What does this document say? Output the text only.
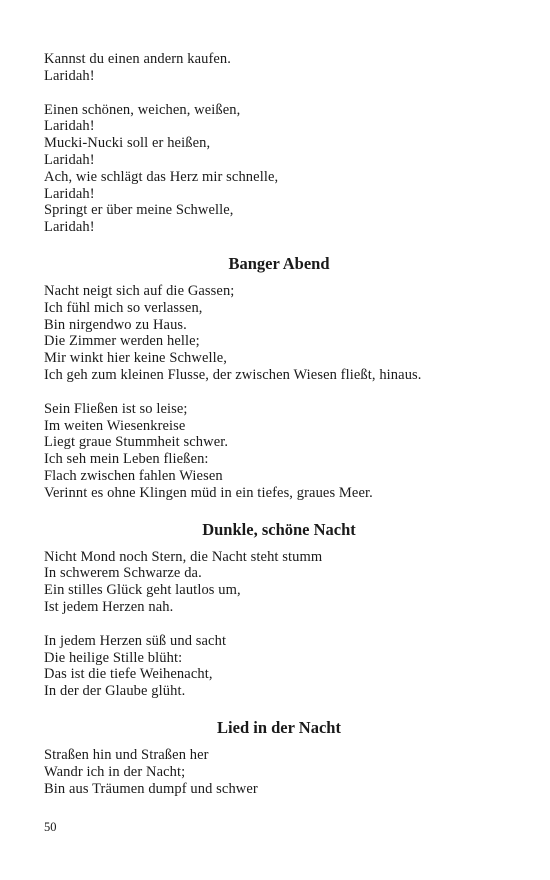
Kannst du einen andern kaufen.
Laridah!
Einen schönen, weichen, weißen,
Laridah!
Mucki-Nucki soll er heißen,
Laridah!
Ach, wie schlägt das Herz mir schnelle,
Laridah!
Springt er über meine Schwelle,
Laridah!
Banger Abend
Nacht neigt sich auf die Gassen;
Ich fühl mich so verlassen,
Bin nirgendwo zu Haus.
Die Zimmer werden helle;
Mir winkt hier keine Schwelle,
Ich geh zum kleinen Flusse, der zwischen Wiesen fließt, hinaus.
Sein Fließen ist so leise;
Im weiten Wiesenkreise
Liegt graue Stummheit schwer.
Ich seh mein Leben fließen:
Flach zwischen fahlen Wiesen
Verinnt es ohne Klingen müd in ein tiefes, graues Meer.
Dunkle, schöne Nacht
Nicht Mond noch Stern, die Nacht steht stumm
In schwerem Schwarze da.
Ein stilles Glück geht lautlos um,
Ist jedem Herzen nah.
In jedem Herzen süß und sacht
Die heilige Stille blüht:
Das ist die tiefe Weihenacht,
In der der Glaube glüht.
Lied in der Nacht
Straßen hin und Straßen her
Wandr ich in der Nacht;
Bin aus Träumen dumpf und schwer
50
